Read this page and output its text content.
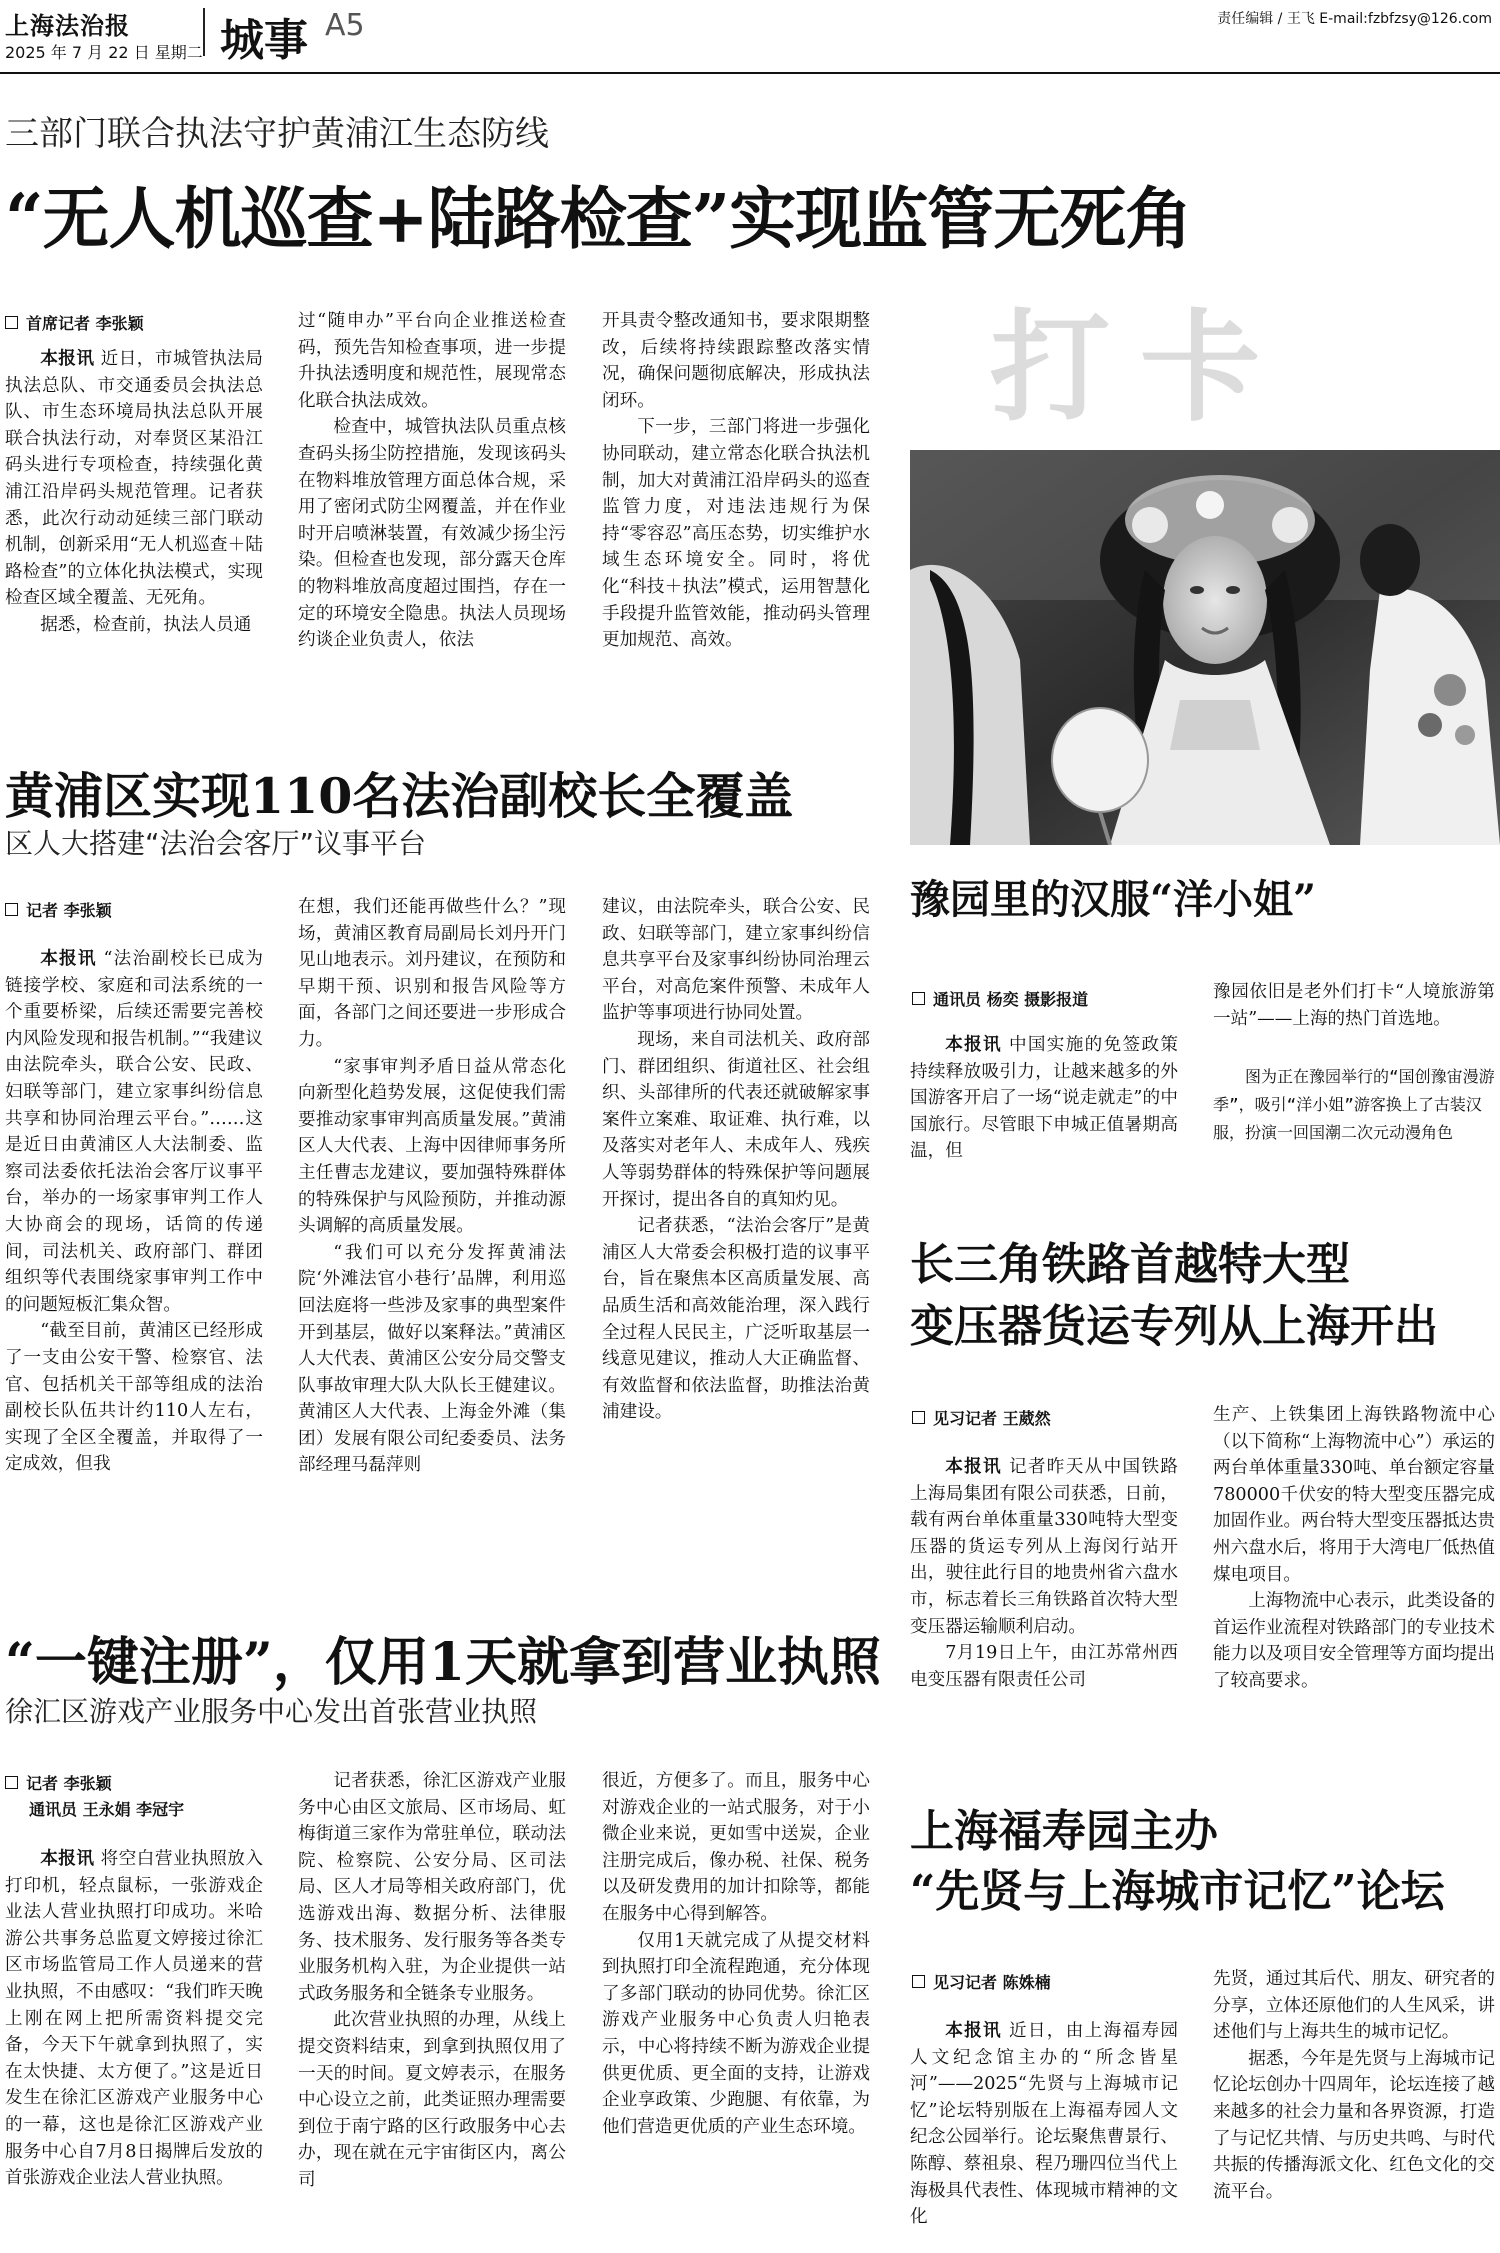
上海法治报
2025 年 7 月 22 日 星期二 城事 A5	责任编辑 / 王飞 E-mail:fzbfzsy@126.com
三部门联合执法守护黄浦江生态防线
“无人机巡查+陆路检查”实现监管无死角
首席记者 李张颖

本报讯 近日，市城管执法局执法总队、市交通委员会执法总队、市生态环境局执法总队开展联合执法行动，对奉贤区某沿江码头进行专项检查，持续强化黄浦江沿岸码头规范管理。记者获悉，此次行动动延续三部门联动机制，创新采用“无人机巡查＋陆路检查”的立体化执法模式，实现检查区域全覆盖、无死角。

据悉，检查前，执法人员通

过“随申办”平台向企业推送检查码，预先告知检查事项，进一步提升执法透明度和规范性，展现常态化联合执法成效。

检查中，城管执法队员重点核查码头扬尘防控措施，发现该码头在物料堆放管理方面总体合规，采用了密闭式防尘网覆盖，并在作业时开启喷淋装置，有效减少扬尘污染。但检查也发现，部分露天仓库的物料堆放高度超过围挡，存在一定的环境安全隐患。执法人员现场约谈企业负责人，依法

开具责令整改通知书，要求限期整改，后续将持续跟踪整改落实情况，确保问题彻底解决，形成执法闭环。

下一步，三部门将进一步强化协同联动，建立常态化联合执法机制，加大对黄浦江沿岸码头的巡查监管力度，对违法违规行为保持“零容忍”高压态势，切实维护水域生态环境安全。同时，将优化“科技＋执法”模式，运用智慧化手段提升监管效能，推动码头管理更加规范、高效。

打卡
豫园里的汉服“洋小姐”
通讯员 杨奕 摄影报道

本报讯 中国实施的免签政策持续释放吸引力，让越来越多的外国游客开启了一场“说走就走”的中国旅行。尽管眼下申城正值暑期高温，但

豫园依旧是老外们打卡“人境旅游第一站”——上海的热门首选地。

图为正在豫园举行的“国创豫宙漫游季”，吸引“洋小姐”游客换上了古装汉服，扮演一回国潮二次元动漫角色

黄浦区实现110名法治副校长全覆盖
区人大搭建“法治会客厅”议事平台
记者 李张颖

本报讯 “法治副校长已成为链接学校、家庭和司法系统的一个重要桥梁，后续还需要完善校内风险发现和报告机制。”“我建议由法院牵头，联合公安、民政、妇联等部门，建立家事纠纷信息共享和协同治理云平台。”……这是近日由黄浦区人大法制委、监察司法委依托法治会客厅议事平台，举办的一场家事审判工作人大协商会的现场，话筒的传递间，司法机关、政府部门、群团组织等代表围绕家事审判工作中的问题短板汇集众智。

“截至目前，黄浦区已经形成了一支由公安干警、检察官、法官、包括机关干部等组成的法治副校长队伍共计约110人左右，实现了全区全覆盖，并取得了一定成效，但我

在想，我们还能再做些什么？”现场，黄浦区教育局副局长刘丹开门见山地表示。刘丹建议，在预防和早期干预、识别和报告风险等方面，各部门之间还要进一步形成合力。

“家事审判矛盾日益从常态化向新型化趋势发展，这促使我们需要推动家事审判高质量发展。”黄浦区人大代表、上海中因律师事务所主任曹志龙建议，要加强特殊群体的特殊保护与风险预防，并推动源头调解的高质量发展。

“我们可以充分发挥黄浦法院‘外滩法官小巷行’品牌，利用巡回法庭将一些涉及家事的典型案件开到基层，做好以案释法。”黄浦区人大代表、黄浦区公安分局交警支队事故审理大队大队长王健建议。黄浦区人大代表、上海金外滩（集团）发展有限公司纪委委员、法务部经理马磊萍则

建议，由法院牵头，联合公安、民政、妇联等部门，建立家事纠纷信息共享平台及家事纠纷协同治理云平台，对高危案件预警、未成年人监护等事项进行协同处置。

现场，来自司法机关、政府部门、群团组织、街道社区、社会组织、头部律所的代表还就破解家事案件立案难、取证难、执行难，以及落实对老年人、未成年人、残疾人等弱势群体的特殊保护等问题展开探讨，提出各自的真知灼见。

记者获悉，“法治会客厅”是黄浦区人大常委会积极打造的议事平台，旨在聚焦本区高质量发展、高品质生活和高效能治理，深入践行全过程人民民主，广泛听取基层一线意见建议，推动人大正确监督、有效监督和依法监督，助推法治黄浦建设。

长三角铁路首越特大型
变压器货运专列从上海开出
见习记者 王葳然

本报讯 记者昨天从中国铁路上海局集团有限公司获悉，日前，载有两台单体重量330吨特大型变压器的货运专列从上海闵行站开出，驶往此行目的地贵州省六盘水市，标志着长三角铁路首次特大型变压器运输顺利启动。

7月19日上午，由江苏常州西电变压器有限责任公司

生产、上铁集团上海铁路物流中心（以下简称“上海物流中心”）承运的两台单体重量330吨、单台额定容量780000千伏安的特大型变压器完成加固作业。两台特大型变压器抵达贵州六盘水后，将用于大湾电厂低热值煤电项目。

上海物流中心表示，此类设备的首运作业流程对铁路部门的专业技术能力以及项目安全管理等方面均提出了较高要求。

“一键注册”，仅用1天就拿到营业执照
徐汇区游戏产业服务中心发出首张营业执照
记者 李张颖
通讯员 王永娟 李冠宇

本报讯 将空白营业执照放入打印机，轻点鼠标，一张游戏企业法人营业执照打印成功。米哈游公共事务总监夏文婷接过徐汇区市场监管局工作人员递来的营业执照，不由感叹：“我们昨天晚上刚在网上把所需资料提交完备，今天下午就拿到执照了，实在太快捷、太方便了。”这是近日发生在徐汇区游戏产业服务中心的一幕，这也是徐汇区游戏产业服务中心自7月8日揭牌后发放的首张游戏企业法人营业执照。

记者获悉，徐汇区游戏产业服务中心由区文旅局、区市场局、虹梅街道三家作为常驻单位，联动法院、检察院、公安分局、区司法局、区人才局等相关政府部门，优选游戏出海、数据分析、法律服务、技术服务、发行服务等各类专业服务机构入驻，为企业提供一站式政务服务和全链条专业服务。

此次营业执照的办理，从线上提交资料结束，到拿到执照仅用了一天的时间。夏文婷表示，在服务中心设立之前，此类证照办理需要到位于南宁路的区行政服务中心去办，现在就在元宇宙街区内，离公司

很近，方便多了。而且，服务中心对游戏企业的一站式服务，对于小微企业来说，更如雪中送炭，企业注册完成后，像办税、社保、税务以及研发费用的加计扣除等，都能在服务中心得到解答。

仅用1天就完成了从提交材料到执照打印全流程跑通，充分体现了多部门联动的协同优势。徐汇区游戏产业服务中心负责人归艳表示，中心将持续不断为游戏企业提供更优质、更全面的支持，让游戏企业享政策、少跑腿、有依靠，为他们营造更优质的产业生态环境。

上海福寿园主办
“先贤与上海城市记忆”论坛
见习记者 陈姝楠

本报讯 近日，由上海福寿园人文纪念馆主办的“所念皆星河”——2025“先贤与上海城市记忆”论坛特别版在上海福寿园人文纪念公园举行。论坛聚焦曹景行、陈醇、蔡祖泉、程乃珊四位当代上海极具代表性、体现城市精神的文化

先贤，通过其后代、朋友、研究者的分享，立体还原他们的人生风采，讲述他们与上海共生的城市记忆。

据悉，今年是先贤与上海城市记忆论坛创办十四周年，论坛连接了越来越多的社会力量和各界资源，打造了与记忆共情、与历史共鸣、与时代共振的传播海派文化、红色文化的交流平台。
